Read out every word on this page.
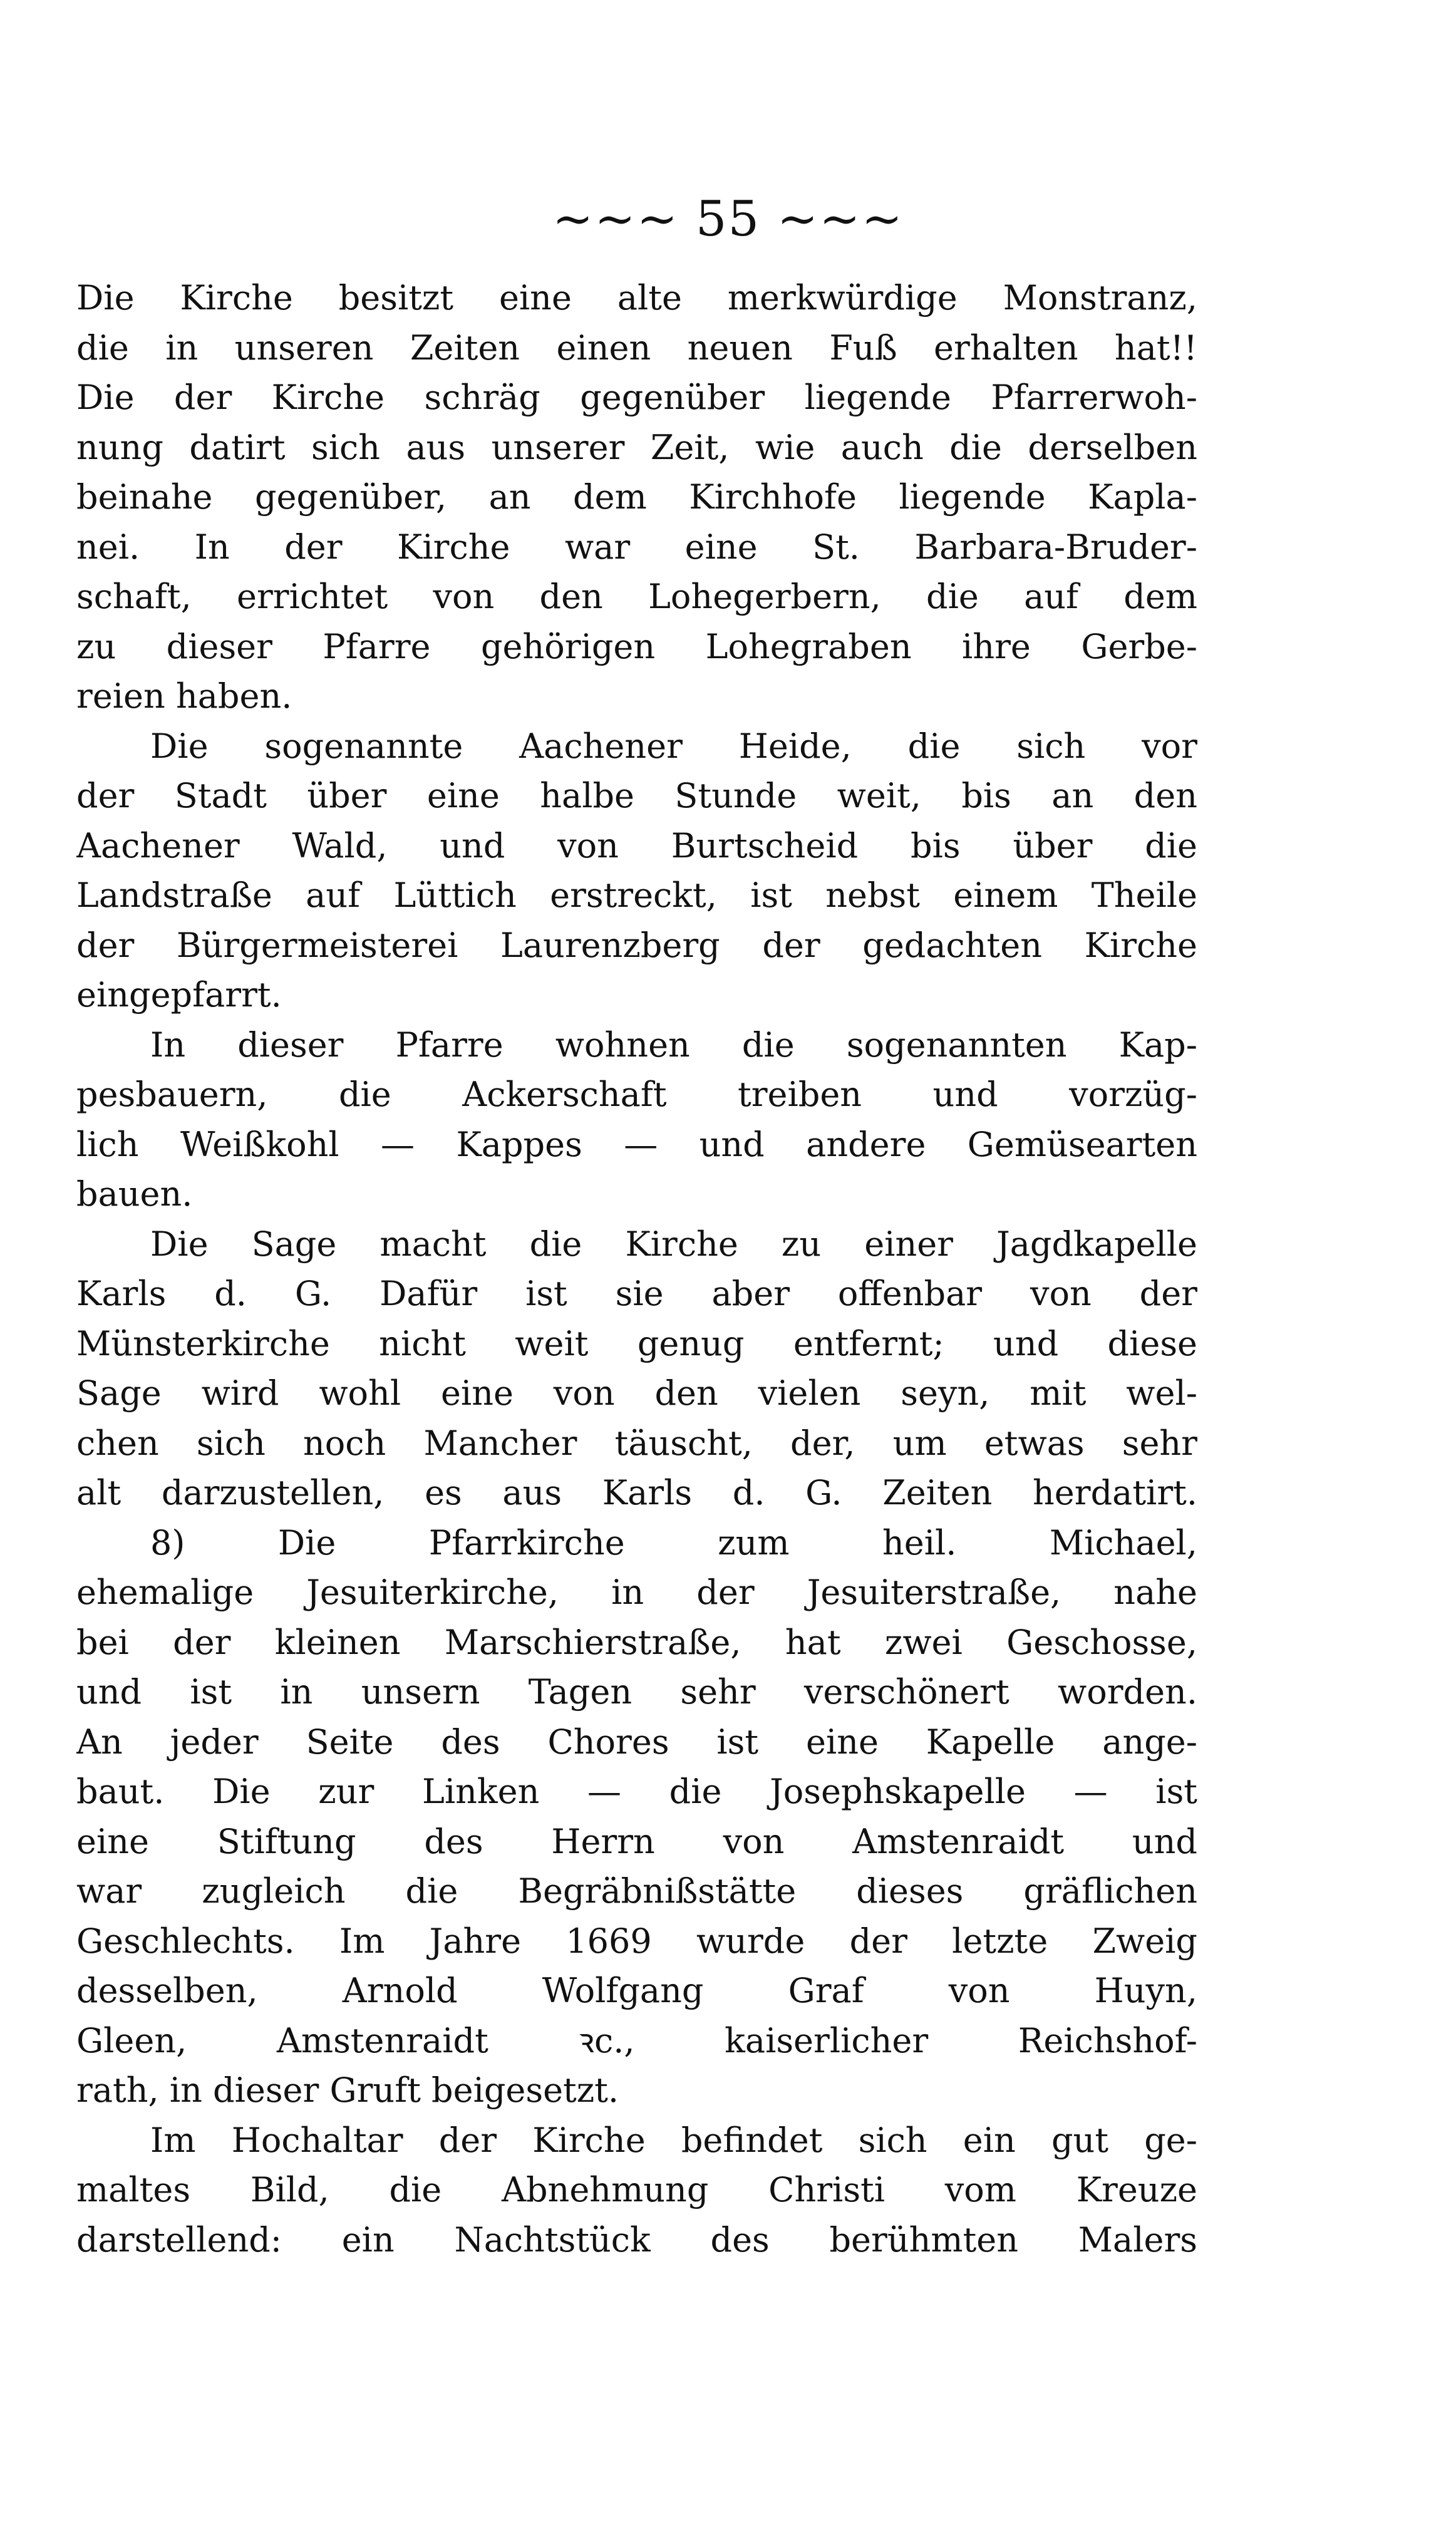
~~~ 55 ~~~
Die Kirche besitzt eine alte merkwürdige Monstranz,
die in unseren Zeiten einen neuen Fuß erhalten hat!!
Die der Kirche schräg gegenüber liegende Pfarrerwoh-
nung datirt sich aus unserer Zeit, wie auch die derselben
beinahe gegenüber, an dem Kirchhofe liegende Kapla-
nei. In der Kirche war eine St. Barbara-Bruder-
schaft, errichtet von den Lohegerbern, die auf dem
zu dieser Pfarre gehörigen Lohegraben ihre Gerbe-
reien haben.
Die sogenannte Aachener Heide, die sich vor
der Stadt über eine halbe Stunde weit, bis an den
Aachener Wald, und von Burtscheid bis über die
Landstraße auf Lüttich erstreckt, ist nebst einem Theile
der Bürgermeisterei Laurenzberg der gedachten Kirche
eingepfarrt.
In dieser Pfarre wohnen die sogenannten Kap-
pesbauern, die Ackerschaft treiben und vorzüg-
lich Weißkohl — Kappes — und andere Gemüsearten
bauen.
Die Sage macht die Kirche zu einer Jagdkapelle
Karls d. G. Dafür ist sie aber offenbar von der
Münsterkirche nicht weit genug entfernt; und diese
Sage wird wohl eine von den vielen seyn, mit wel-
chen sich noch Mancher täuscht, der, um etwas sehr
alt darzustellen, es aus Karls d. G. Zeiten herdatirt.
8) Die Pfarrkirche zum heil. Michael,
ehemalige Jesuiterkirche, in der Jesuiterstraße, nahe
bei der kleinen Marschierstraße, hat zwei Geschosse,
und ist in unsern Tagen sehr verschönert worden.
An jeder Seite des Chores ist eine Kapelle ange-
baut. Die zur Linken — die Josephskapelle — ist
eine Stiftung des Herrn von Amstenraidt und
war zugleich die Begräbnißstätte dieses gräflichen
Geschlechts. Im Jahre 1669 wurde der letzte Zweig
desselben, Arnold Wolfgang Graf von Huyn,
Gleen, Amstenraidt ꝛc., kaiserlicher Reichshof-
rath, in dieser Gruft beigesetzt.
Im Hochaltar der Kirche befindet sich ein gut ge-
maltes Bild, die Abnehmung Christi vom Kreuze
darstellend: ein Nachtstück des berühmten Malers
